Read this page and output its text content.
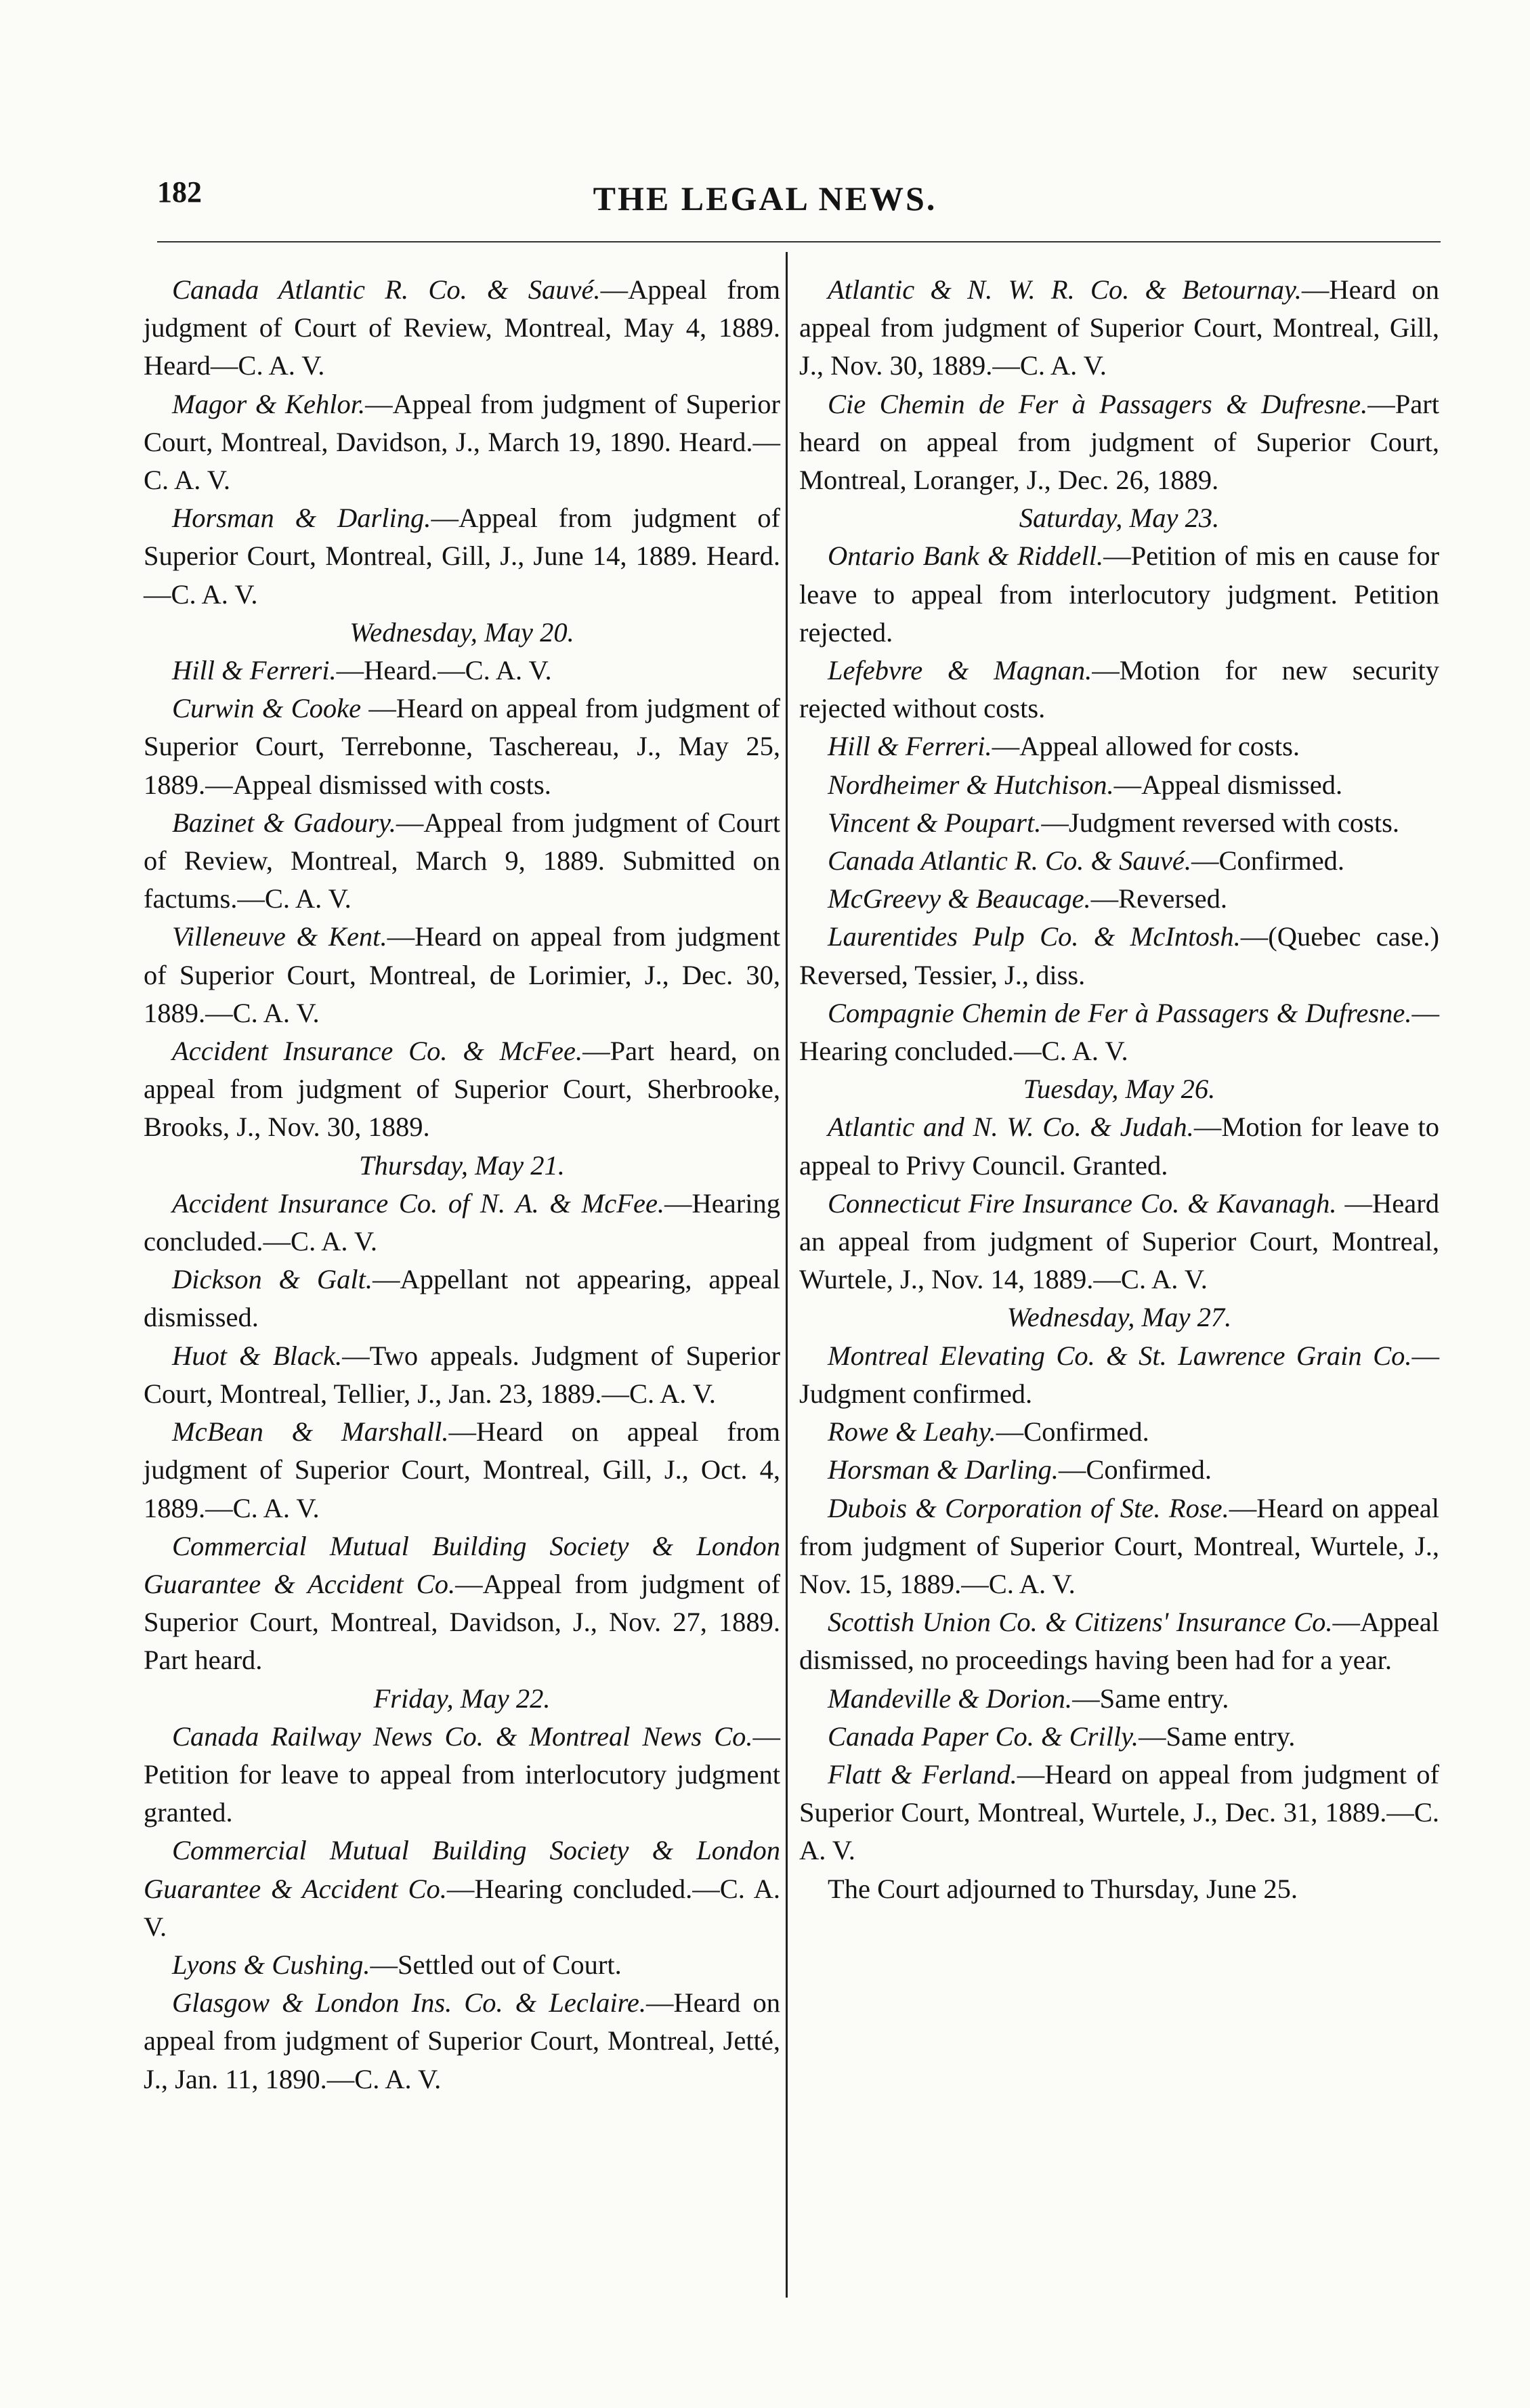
182	THE LEGAL NEWS.

Canada Atlantic R. Co. & Sauvé.—Appeal from judgment of Court of Review, Montreal, May 4, 1889. Heard—C. A. V.

Magor & Kehlor.—Appeal from judgment of Superior Court, Montreal, Davidson, J., March 19, 1890. Heard.—C. A. V.

Horsman & Darling.—Appeal from judgment of Superior Court, Montreal, Gill, J., June 14, 1889. Heard.—C. A. V.

Wednesday, May 20.

Hill & Ferreri.—Heard.—C. A. V.

Curwin & Cooke —Heard on appeal from judgment of Superior Court, Terrebonne, Taschereau, J., May 25, 1889.—Appeal dismissed with costs.

Bazinet & Gadoury.—Appeal from judgment of Court of Review, Montreal, March 9, 1889. Submitted on factums.—C. A. V.

Villeneuve & Kent.—Heard on appeal from judgment of Superior Court, Montreal, de Lorimier, J., Dec. 30, 1889.—C. A. V.

Accident Insurance Co. & McFee.—Part heard, on appeal from judgment of Superior Court, Sherbrooke, Brooks, J., Nov. 30, 1889.

Thursday, May 21.

Accident Insurance Co. of N. A. & McFee.—Hearing concluded.—C. A. V.

Dickson & Galt.—Appellant not appearing, appeal dismissed.

Huot & Black.—Two appeals. Judgment of Superior Court, Montreal, Tellier, J., Jan. 23, 1889.—C. A. V.

McBean & Marshall.—Heard on appeal from judgment of Superior Court, Montreal, Gill, J., Oct. 4, 1889.—C. A. V.

Commercial Mutual Building Society & London Guarantee & Accident Co.—Appeal from judgment of Superior Court, Montreal, Davidson, J., Nov. 27, 1889. Part heard.

Friday, May 22.

Canada Railway News Co. & Montreal News Co.—Petition for leave to appeal from interlocutory judgment granted.

Commercial Mutual Building Society & London Guarantee & Accident Co.—Hearing concluded.—C. A. V.

Lyons & Cushing.—Settled out of Court.

Glasgow & London Ins. Co. & Leclaire.—Heard on appeal from judgment of Superior Court, Montreal, Jetté, J., Jan. 11, 1890.—C. A. V.

Atlantic & N. W. R. Co. & Betournay.—Heard on appeal from judgment of Superior Court, Montreal, Gill, J., Nov. 30, 1889.—C. A. V.

Cie Chemin de Fer à Passagers & Dufresne.—Part heard on appeal from judgment of Superior Court, Montreal, Loranger, J., Dec. 26, 1889.

Saturday, May 23.

Ontario Bank & Riddell.—Petition of mis en cause for leave to appeal from interlocutory judgment. Petition rejected.

Lefebvre & Magnan.—Motion for new security rejected without costs.

Hill & Ferreri.—Appeal allowed for costs.

Nordheimer & Hutchison.—Appeal dismissed.

Vincent & Poupart.—Judgment reversed with costs.

Canada Atlantic R. Co. & Sauvé.—Confirmed.

McGreevy & Beaucage.—Reversed.

Laurentides Pulp Co. & McIntosh.—(Quebec case.) Reversed, Tessier, J., diss.

Compagnie Chemin de Fer à Passagers & Dufresne.—Hearing concluded.—C. A. V.

Tuesday, May 26.

Atlantic and N. W. Co. & Judah.—Motion for leave to appeal to Privy Council. Granted.

Connecticut Fire Insurance Co. & Kavanagh. —Heard an appeal from judgment of Superior Court, Montreal, Wurtele, J., Nov. 14, 1889.—C. A. V.

Wednesday, May 27.

Montreal Elevating Co. & St. Lawrence Grain Co.—Judgment confirmed.

Rowe & Leahy.—Confirmed.

Horsman & Darling.—Confirmed.

Dubois & Corporation of Ste. Rose.—Heard on appeal from judgment of Superior Court, Montreal, Wurtele, J., Nov. 15, 1889.—C. A. V.

Scottish Union Co. & Citizens' Insurance Co.—Appeal dismissed, no proceedings having been had for a year.

Mandeville & Dorion.—Same entry.

Canada Paper Co. & Crilly.—Same entry.

Flatt & Ferland.—Heard on appeal from judgment of Superior Court, Montreal, Wurtele, J., Dec. 31, 1889.—C. A. V.

The Court adjourned to Thursday, June 25.
